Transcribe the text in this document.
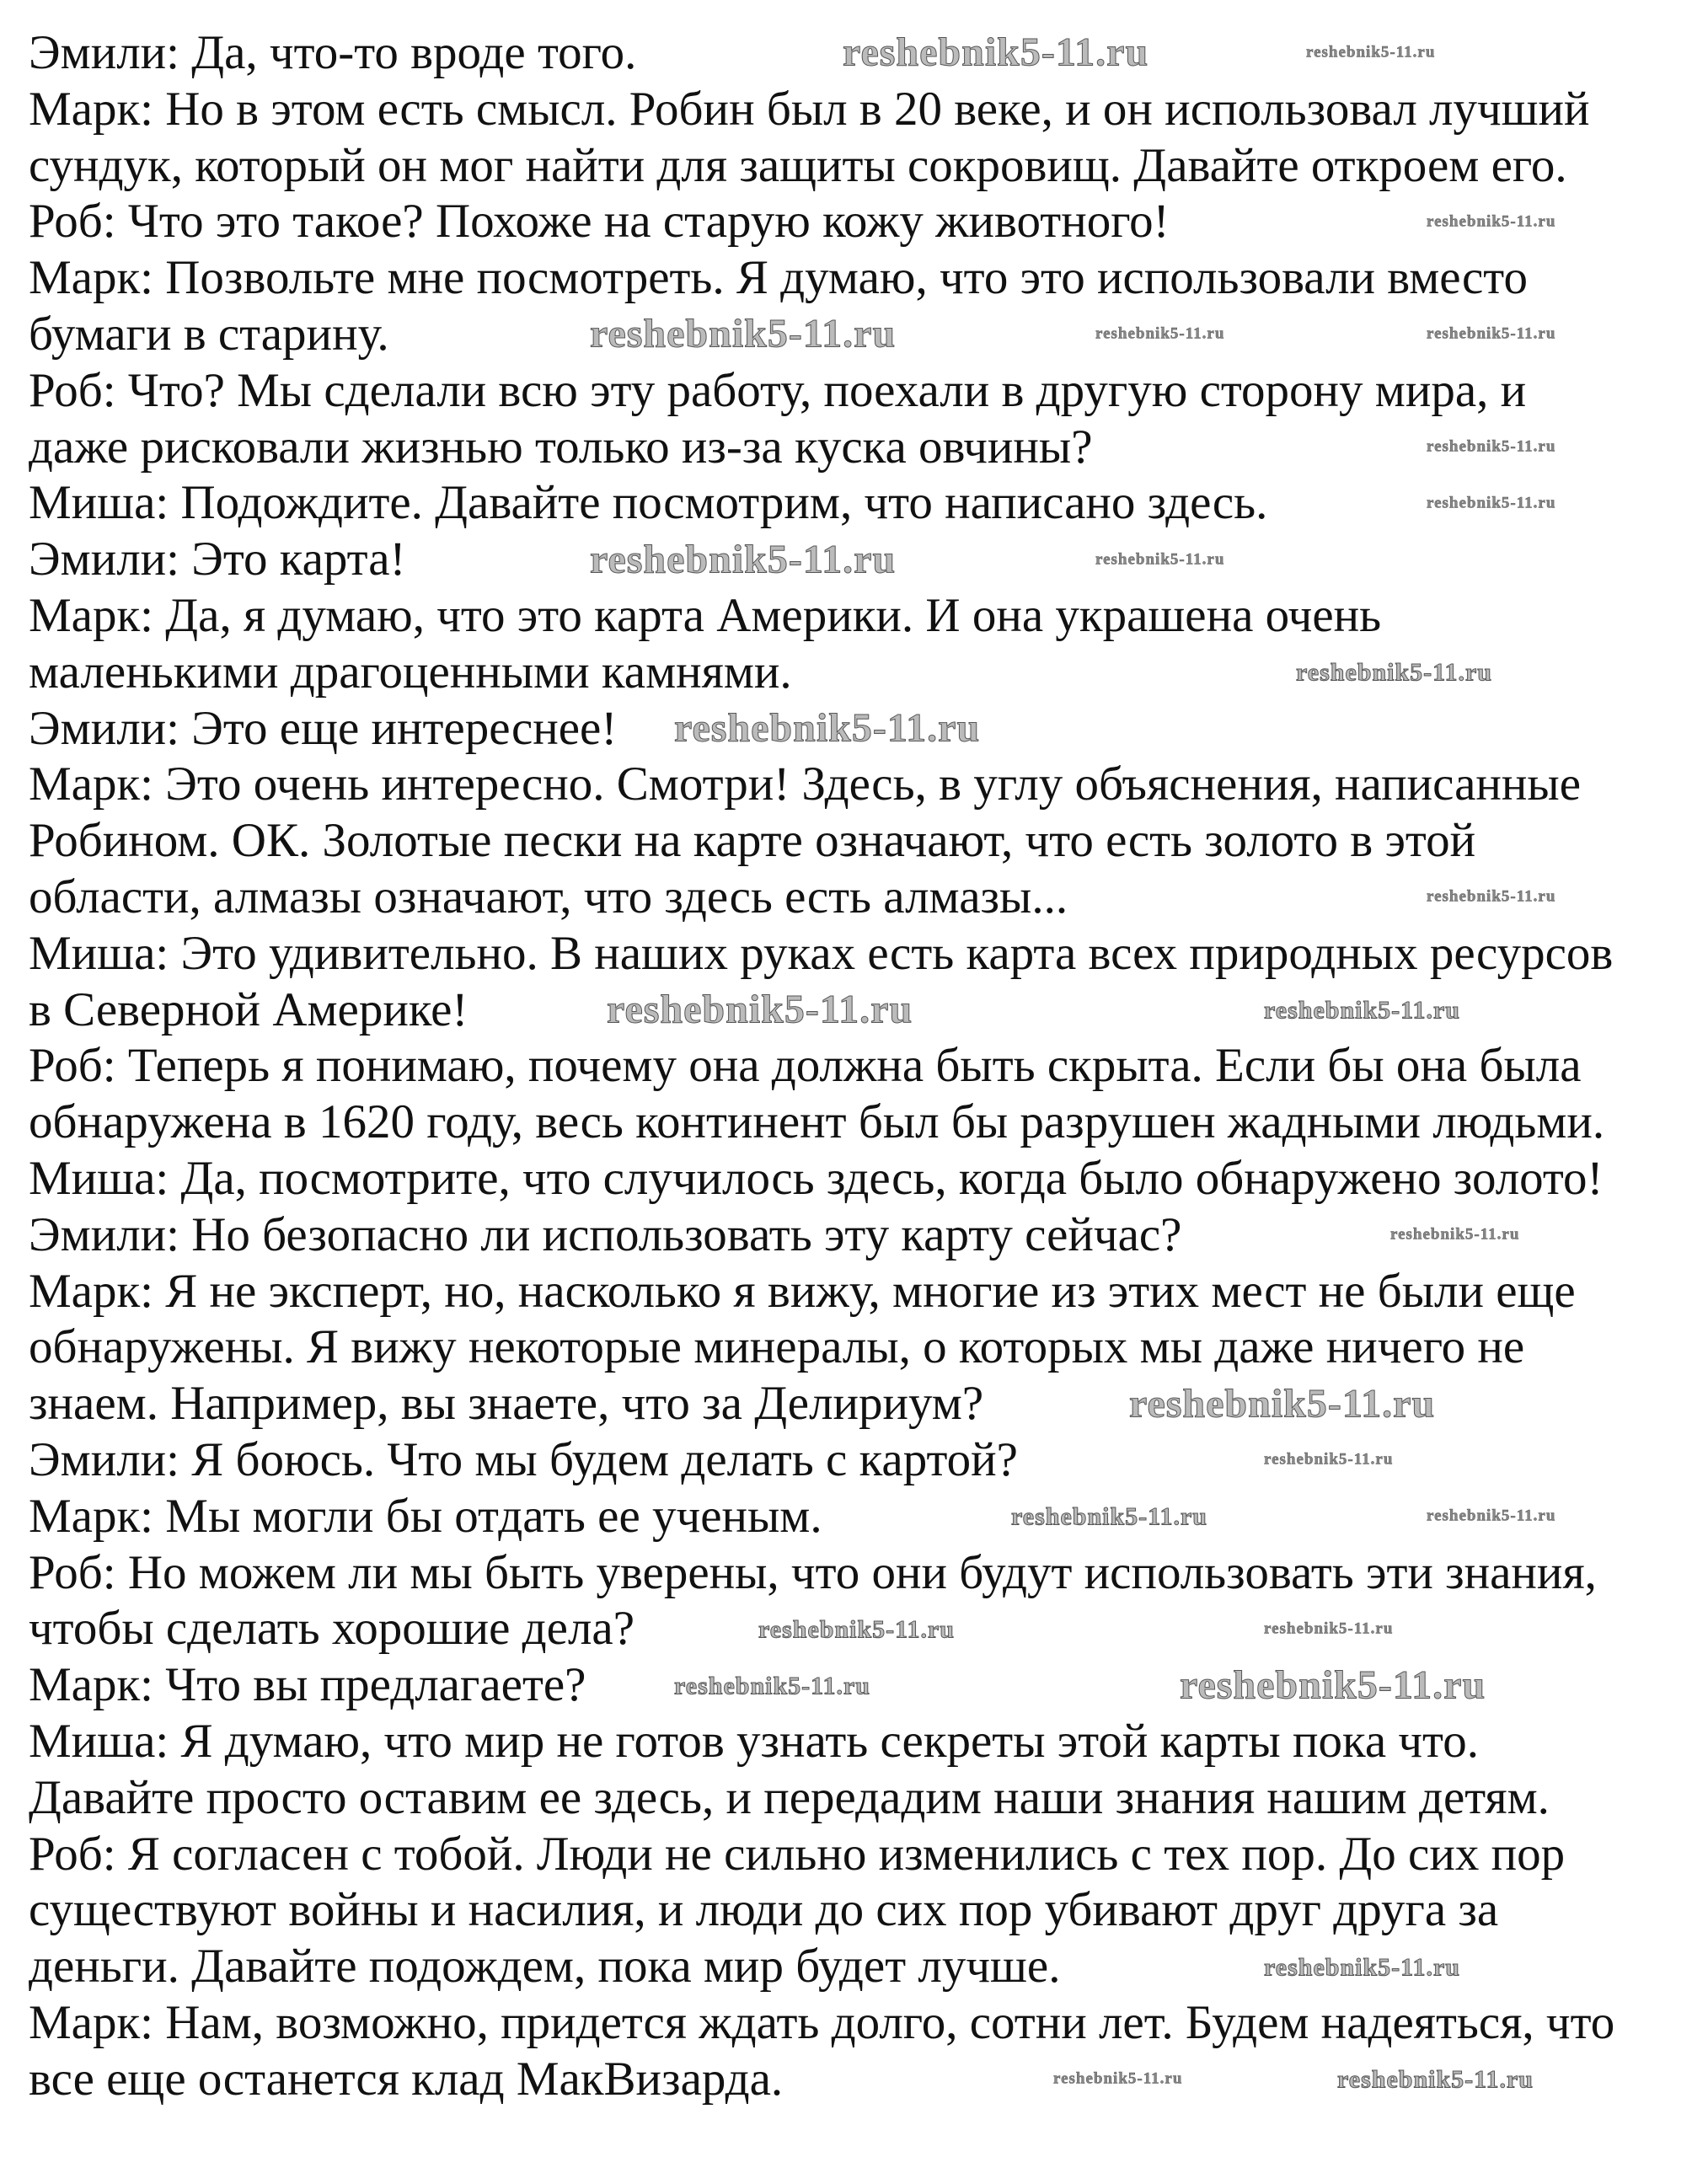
Эмили: Да, что-то вроде того.
Марк: Но в этом есть смысл. Робин был в 20 веке, и он использовал лучший
сундук, который он мог найти для защиты сокровищ. Давайте откроем его.
Роб: Что это такое? Похоже на старую кожу животного!
Марк: Позвольте мне посмотреть. Я думаю, что это использовали вместо
бумаги в старину.
Роб: Что? Мы сделали всю эту работу, поехали в другую сторону мира, и
даже рисковали жизнью только из-за куска овчины?
Миша: Подождите. Давайте посмотрим, что написано здесь.
Эмили: Это карта!
Марк: Да, я думаю, что это карта Америки. И она украшена очень
маленькими драгоценными камнями.
Эмили: Это еще интереснее!
Марк: Это очень интересно. Смотри! Здесь, в углу объяснения, написанные
Робином. ОК. Золотые пески на карте означают, что есть золото в этой
области, алмазы означают, что здесь есть алмазы...
Миша: Это удивительно. В наших руках есть карта всех природных ресурсов
в Северной Америке!
Роб: Теперь я понимаю, почему она должна быть скрыта. Если бы она была
обнаружена в 1620 году, весь континент был бы разрушен жадными людьми.
Миша: Да, посмотрите, что случилось здесь, когда было обнаружено золото!
Эмили: Но безопасно ли использовать эту карту сейчас?
Марк: Я не эксперт, но, насколько я вижу, многие из этих мест не были еще
обнаружены. Я вижу некоторые минералы, о которых мы даже ничего не
знаем. Например, вы знаете, что за Делириум?
Эмили: Я боюсь. Что мы будем делать с картой?
Марк: Мы могли бы отдать ее ученым.
Роб: Но можем ли мы быть уверены, что они будут использовать эти знания,
чтобы сделать хорошие дела?
Марк: Что вы предлагаете?
Миша: Я думаю, что мир не готов узнать секреты этой карты пока что.
Давайте просто оставим ее здесь, и передадим наши знания нашим детям.
Роб: Я согласен с тобой. Люди не сильно изменились с тех пор. До сих пор
существуют войны и насилия, и люди до сих пор убивают друг друга за
деньги. Давайте подождем, пока мир будет лучше.
Марк: Нам, возможно, придется ждать долго, сотни лет. Будем надеяться, что
все еще останется клад МакВизарда.
reshebnik5-11.ru	reshebnik5-11.ru
reshebnik5-11.ru
reshebnik5-11.ru	reshebnik5-11.ru	reshebnik5-11.ru
reshebnik5-11.ru
reshebnik5-11.ru
reshebnik5-11.ru	reshebnik5-11.ru
reshebnik5-11.ru
reshebnik5-11.ru
reshebnik5-11.ru
reshebnik5-11.ru	reshebnik5-11.ru
reshebnik5-11.ru
reshebnik5-11.ru
reshebnik5-11.ru
reshebnik5-11.ru	reshebnik5-11.ru
reshebnik5-11.ru	reshebnik5-11.ru
reshebnik5-11.ru	reshebnik5-11.ru
reshebnik5-11.ru
reshebnik5-11.ru	reshebnik5-11.ru
